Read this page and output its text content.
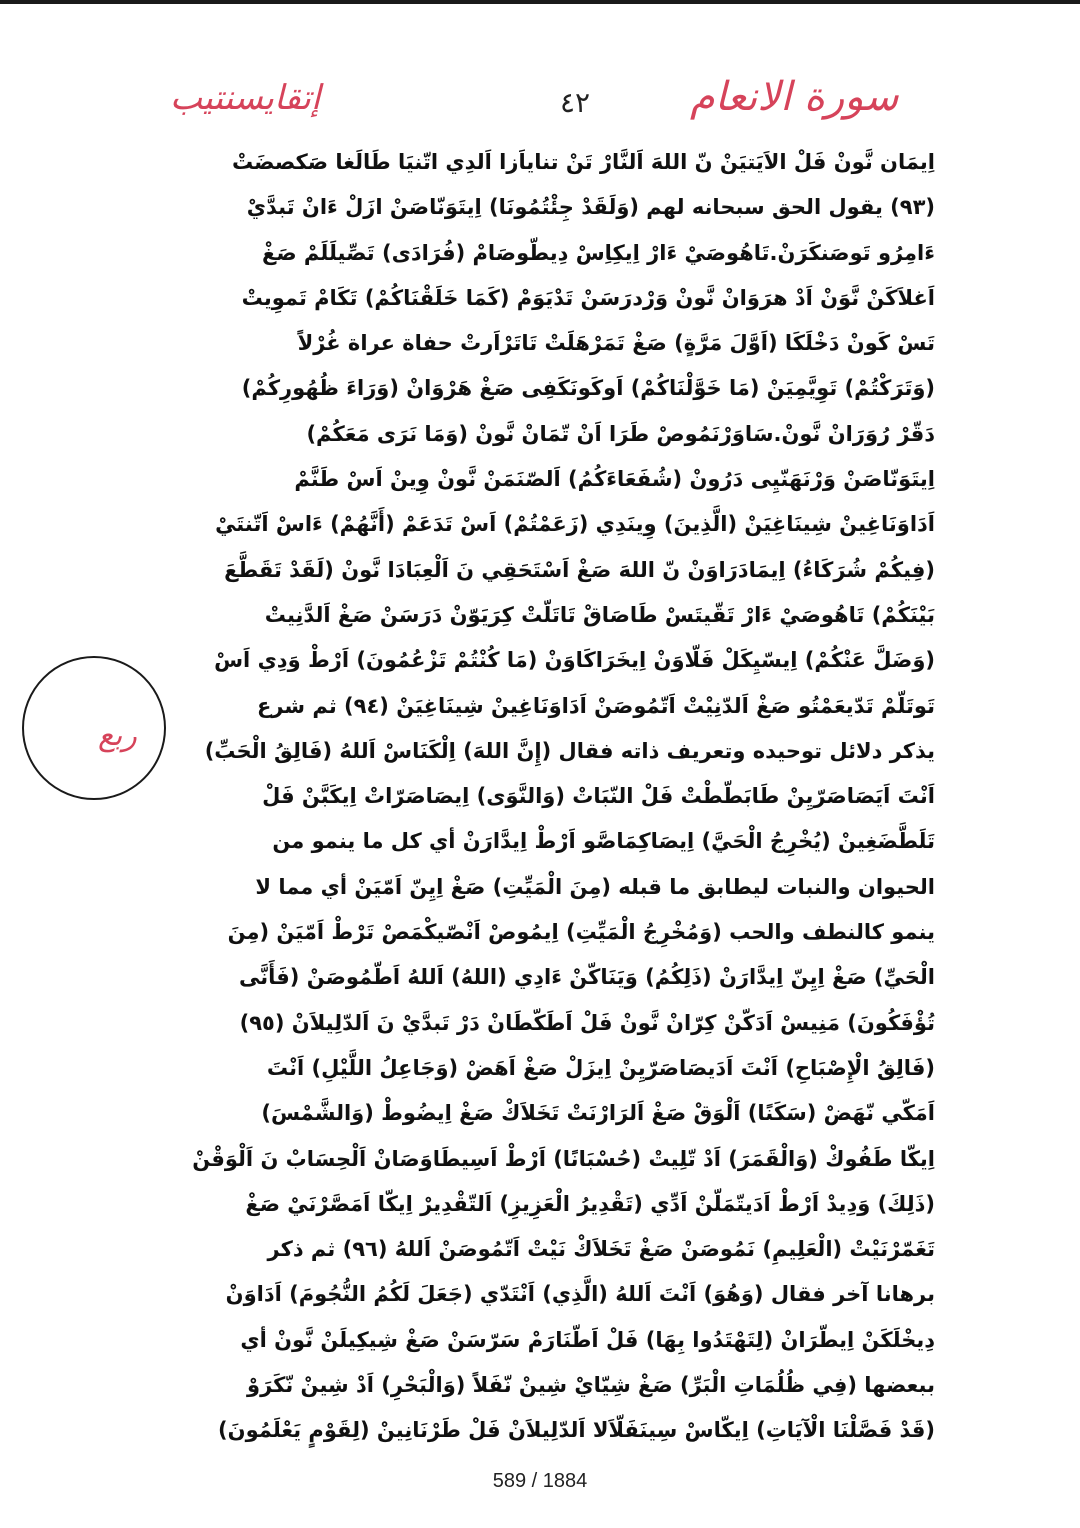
إتقايسنتيب	٤٢ سورة الانعام
اِيمَان نَّونْ فَلْ الاَيَتيَنْ نّ اللهَ اَلنَّارْ تَنْ تناياَزا اَلدِي اتّنيَا طَالَغا صَكصضَتْ
(٩٣) يقول الحق سبحانه لهم (وَلَقَدْ جِئْتُمُونَا) اِيتَوَنّاصَنْ ازَلْ ءَانْ تَبدَّيْ
ءَامِرُو تَوصَنكَرَنْ.تَاهُوصَيْ ءَارْ اِيكِاِسْ دِيطّوصَامْ (فُرَادَى) تَصِّيلَلَمْ صَغْ
اَغلاَكَنْ نَّوَنْ اَدْ هرَوَانْ نَّونْ وَرْدرَسَنْ تَدْيَوَمْ (كَمَا خَلَقْنَاكُمْ) تَكَامْ تَموِيتْ
تَسْ كَونْ دَخْلَكَا (اَوَّلَ مَرَّةٍ) صَغْ تَمَرْهَلَتْ تَاتَرْاَرتْ حفاة عراة غُرْلاً
(وَتَرَكْتُمْ) تَوِيَّمِيَنْ (مَا خَوَّلْنَاكُمْ) اَوكَونَكَفِى صَغْ هَرْوَانْ (وَرَاءَ ظُهُورِكُمْ)
دَقّرْ رُوَرَانْ نَّونْ.سَاوَرْنَمُوصْ طَرَا اَنْ تّمَانْ نَّونْ (وَمَا نَرَى مَعَكُمْ)
اِيتَوَنّاصَنْ وَرْنَهَنّيِى دَرُونْ (شُفَعَاءَكُمُ) اَلصّنَمَنْ نَّونْ وِينْ اَسْ طَنَّمْ
اَدَاوَنَاغِينْ شِينَاغِيَنْ (الَّذِينَ) وِينَدِي (زَعَمْتُمْ) اَسْ تَدَعَمْ (أَنَّهُمْ) ءَاسْ اَتّنتَيْ
(فِيكُمْ شُرَكَاءُ) اِيمَادَرَاوَنْ نّ اللهَ صَغْ اَسْتَحَقِي نَ اَلْعِبَادَا نَّونْ (لَقَدْ تَقَطَّعَ
بَيْنَكُمْ) تَاهُوصَيْ ءَارْ تَقّيتَسْ طَاصَاقْ تَاتَلّتْ كِرَيَوّنْ دَرَسَنْ صَغْ اَلدَّنِيتْ
(وَضَلَّ عَنْكُمْ) اِيسّيِكَلْ فَلّاوَنْ اِيخَرَاكَاوَنْ (مَا كُنْتُمْ تَزْعُمُونَ) اَرْطْ وَدِي اَسْ
تَوتَلّمْ تَدّيعَمْتُو صَغْ اَلدّنِيْتْ اَتّمُوصَنْ اَدَاوَنَاغِينْ شِينَاغِيَنْ (٩٤) ثم شرع
يذكر دلائل توحيده وتعريف ذاته فقال (إِنَّ اللهَ) اِلْكَنَاسْ اَللهُ (فَالِقُ الْحَبِّ)
اَنْتَ اَيَصَاصَرّيِنْ طَابَطّطْتْ فَلْ النّبَاتْ (وَالنَّوَى) اِيصَاصَرّاتْ اِيكَبَّنْ فَلْ
تَلَطَّضَغِينْ (يُخْرِجُ الْحَيَّ) اِيصَاكِمَاصَّو اَرْطْ اِيدَّارَنْ أي كل ما ينمو من
الحيوان والنبات ليطابق ما قبله (مِنَ الْمَيِّتِ) صَغْ اِيِنّ اَمّيَنْ أي مما لا
ينمو كالنطف والحب (وَمُخْرِجُ الْمَيِّتِ) اِيمُوصْ اَنْصّيكْمَصْ تَرْطْ اَمّيَنْ (مِنَ
الْحَيِّ) صَغْ اِيِنّ اِيدَّارَنْ (ذَلِكُمُ) وَيَنَاكّنْ ءَادِي (اللهُ) اَللهُ اَطّمُوصَنْ (فَأَنَّى
تُؤْفَكُونَ) مَنِيسْ اَدَكّنْ كِرّانْ نَّونْ فَلْ اَطَكّطَانْ دَرْ تَبدَّيْ نَ اَلدّلِيلاَنْ (٩٥)
(فَالِقُ الْإِصْبَاحِ) اَنْتَ اَدَيصَاصَرّيِنْ اِيزَلْ صَغْ اَهَضْ (وَجَاعِلُ اللَّيْلِ) اَنْتَ
اَمَكّي نّهَضْ (سَكَنًا) اَلْوَقْ صَغْ اَلرَارْنَتْ تَخَلاَكْ صَغْ اِيضُوطْ (وَالشَّمْسَ)
اِيكّا طَفُوكْ (وَالْقَمَرَ) اَدْ تّلِيتْ (حُسْبَانًا) اَرْطْ اَسِيطَاوَصَانْ اَلْحِسَابْ نَ اَلْوَقْنْ
(ذَلِكَ) وَدِيدْ اَرْطْ اَدَيتّمَلّنْ اَدِّي (تَقْدِيرُ الْعَزِيزِ) اَلتّقْدِيرْ اِيكّا اَمَصَّرْنَيْ صَغْ
تَغَمّرْنَيْتْ (الْعَلِيمِ) نَمُوصَنْ صَغْ تَخَلاَكْ نَيْتْ اَتّمُوصَنْ اَللهُ (٩٦) ثم ذكر
برهانا آخر فقال (وَهُوَ) اَنْتَ اَللهُ (الَّذِي) اَنْتَدّي (جَعَلَ لَكُمُ النُّجُومَ) اَدَاوَنْ
دِيخْلَكَنْ اِيطّرَانْ (لِتَهْتَدُوا بِهَا) فَلْ اَطّنَارَمْ سَرّسَنْ صَغْ شِيكِيلَنْ نَّونْ أي
ببعضها (فِي ظُلُمَاتِ الْبَرِّ) صَغْ شِيّايْ شِينْ نّفَلاً (وَالْبَحْرِ) اَدْ شِينْ نّكَرَوْ
(قَدْ فَصَّلْنَا الْآيَاتِ) اِيكّاسْ سِينَفَلّاَلا اَلدّلِيلاَنْ فَلْ طَرْنَانِينْ (لِقَوْمٍ يَعْلَمُونَ)
ربع
589 / 1884
